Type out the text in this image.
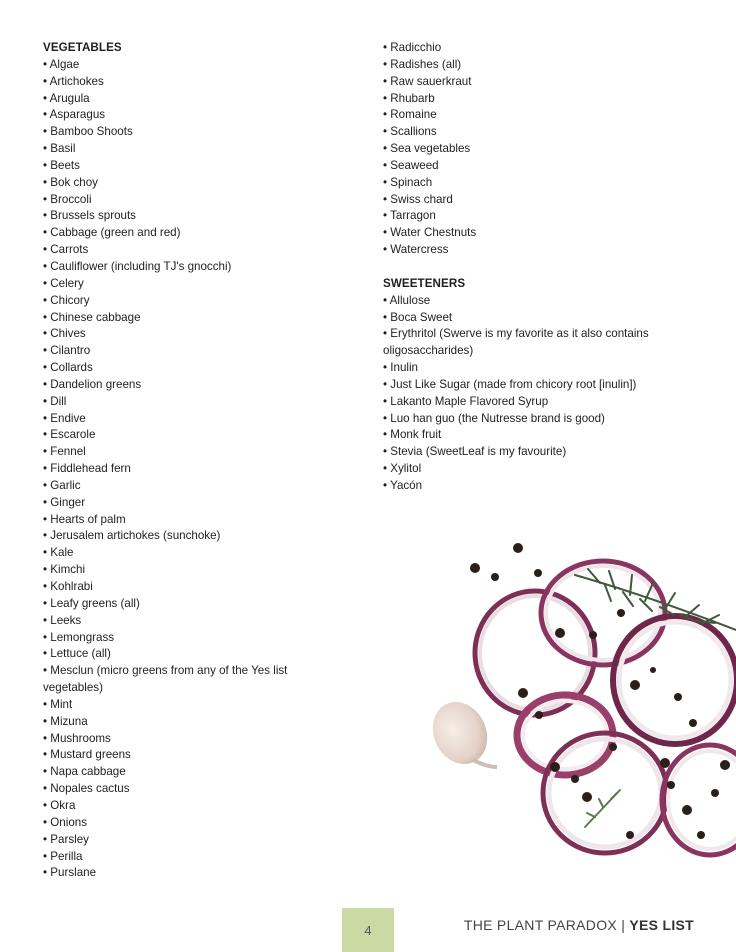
VEGETABLES
• Algae
• Artichokes
• Arugula
• Asparagus
• Bamboo Shoots
• Basil
• Beets
• Bok choy
• Broccoli
• Brussels sprouts
• Cabbage (green and red)
• Carrots
• Cauliflower (including TJ's gnocchi)
• Celery
• Chicory
• Chinese cabbage
• Chives
• Cilantro
• Collards
• Dandelion greens
• Dill
• Endive
• Escarole
• Fennel
• Fiddlehead fern
• Garlic
• Ginger
• Hearts of palm
• Jerusalem artichokes (sunchoke)
• Kale
• Kimchi
• Kohlrabi
• Leafy greens (all)
• Leeks
• Lemongrass
• Lettuce (all)
• Mesclun (micro greens from any of the Yes list vegetables)
• Mint
• Mizuna
• Mushrooms
• Mustard greens
• Napa cabbage
• Nopales cactus
• Okra
• Onions
• Parsley
• Perilla
• Purslane
• Radicchio
• Radishes (all)
• Raw sauerkraut
• Rhubarb
• Romaine
• Scallions
• Sea vegetables
• Seaweed
• Spinach
• Swiss chard
• Tarragon
• Water Chestnuts
• Watercress
SWEETENERS
• Allulose
• Boca Sweet
• Erythritol (Swerve is my favorite as it also contains oligosaccharides)
• Inulin
• Just Like Sugar (made from chicory root [inulin])
• Lakanto Maple Flavored Syrup
• Luo han guo (the Nutresse brand is good)
• Monk fruit
• Stevia (SweetLeaf is my favourite)
• Xylitol
• Yacón
4	THE PLANT PARADOX | YES LIST
